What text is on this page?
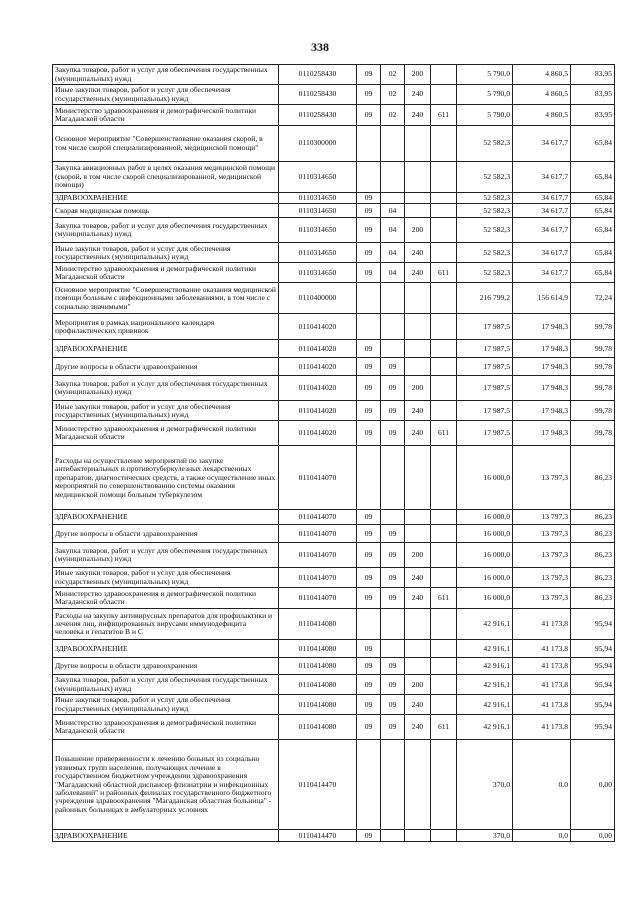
338
Закупка товаров, работ и услуг для обеспечения государственных (муниципальных) нужд	0110258430	09	02	200		5 790,0	4 860,5	83,95
Иные закупки товаров, работ и услуг для обеспечения государственных (муниципальных) нужд	0110258430	09	02	240		5 790,0	4 860,5	83,95
Министерство здравоохранения и демографической политики Магаданской области	0110258430	09	02	240	611	5 790,0	4 860,5	83,95
Основное мероприятие "Совершенствование оказания скорой, в том числе скорой специализированной, медицинской помощи"	0110300000					52 582,3	34 617,7	65,84
Закупка авиационных работ в целях оказания медицинской помощи (скорой, в том числе скорой специализированной, медицинской помощи)	0110314650					52 582,3	34 617,7	65,84
ЗДРАВООХРАНЕНИЕ	0110314650	09				52 582,3	34 617,7	65,84
Скорая медицинская помощь	0110314650	09	04			52 582,3	34 617,7	65,84
Закупка товаров, работ и услуг для обеспечения государственных (муниципальных) нужд	0110314650	09	04	200		52 582,3	34 617,7	65,84
Иные закупки товаров, работ и услуг для обеспечения государственных (муниципальных) нужд	0110314650	09	04	240		52 582,3	34 617,7	65,84
Министерство здравоохранения и демографической политики Магаданской области	0110314650	09	04	240	611	52 582,3	34 617,7	65,84
Основное мероприятие "Совершенствование оказания медицинской помощи больным с инфекционными заболеваниями, в том числе с социально значимыми"	0110400000					216 799,2	156 614,9	72,24
Мероприятия в рамках национального календаря профилактических прививок	0110414020					17 987,5	17 948,3	99,78
ЗДРАВООХРАНЕНИЕ	0110414020	09				17 987,5	17 948,3	99,78
Другие вопросы в области здравоохранения	0110414020	09	09			17 987,5	17 948,3	99,78
Закупка товаров, работ и услуг для обеспечения государственных (муниципальных) нужд	0110414020	09	09	200		17 987,5	17 948,3	99,78
Иные закупки товаров, работ и услуг для обеспечения государственных (муниципальных) нужд	0110414020	09	09	240		17 987,5	17 948,3	99,78
Министерство здравоохранения и демографической политики Магаданской области	0110414020	09	09	240	611	17 987,5	17 948,3	99,78
Расходы на осуществление мероприятий по закупке антибактериальных и противотуберкулезных лекарственных препаратов, диагностических средств, а также осуществление иных мероприятий по совершенствованию системы оказания медицинской помощи больным туберкулезом	0110414070					16 000,0	13 797,3	86,23
ЗДРАВООХРАНЕНИЕ	0110414070	09				16 000,0	13 797,3	86,23
Другие вопросы в области здравоохранения	0110414070	09	09			16 000,0	13 797,3	86,23
Закупка товаров, работ и услуг для обеспечения государственных (муниципальных) нужд	0110414070	09	09	200		16 000,0	13 797,3	86,23
Иные закупки товаров, работ и услуг для обеспечения государственных (муниципальных) нужд	0110414070	09	09	240		16 000,0	13 797,3	86,23
Министерство здравоохранения и демографической политики Магаданской области	0110414070	09	09	240	611	16 000,0	13 797,3	86,23
Расходы на закупку антивирусных препаратов для профилактики и лечения лиц, инфицированных вирусами иммунодефицита человека и гепатитов В и С	0110414080					42 916,1	41 173,8	95,94
ЗДРАВООХРАНЕНИЕ	0110414080	09				42 916,1	41 173,8	95,94
Другие вопросы в области здравоохранения	0110414080	09	09			42 916,1	41 173,8	95,94
Закупка товаров, работ и услуг для обеспечения государственных (муниципальных) нужд	0110414080	09	09	200		42 916,1	41 173,8	95,94
Иные закупки товаров, работ и услуг для обеспечения государственных (муниципальных) нужд	0110414080	09	09	240		42 916,1	41 173,8	95,94
Министерство здравоохранения и демографической политики Магаданской области	0110414080	09	09	240	611	42 916,1	41 173,8	95,94
Повышение приверженности к лечению больных из социально уязвимых групп населения, получающих лечение в государственном бюджетном учреждении здравоохранения "Магаданский областной диспансер фтизиатрии и инфекционных заболеваний" и районных филиалах государственного бюджетного учреждения здравоохранения "Магаданская областная больница" - районных больницах в амбулаторных условиях	0110414470					370,0	0,0	0,00
ЗДРАВООХРАНЕНИЕ	0110414470	09				370,0	0,0	0,00
